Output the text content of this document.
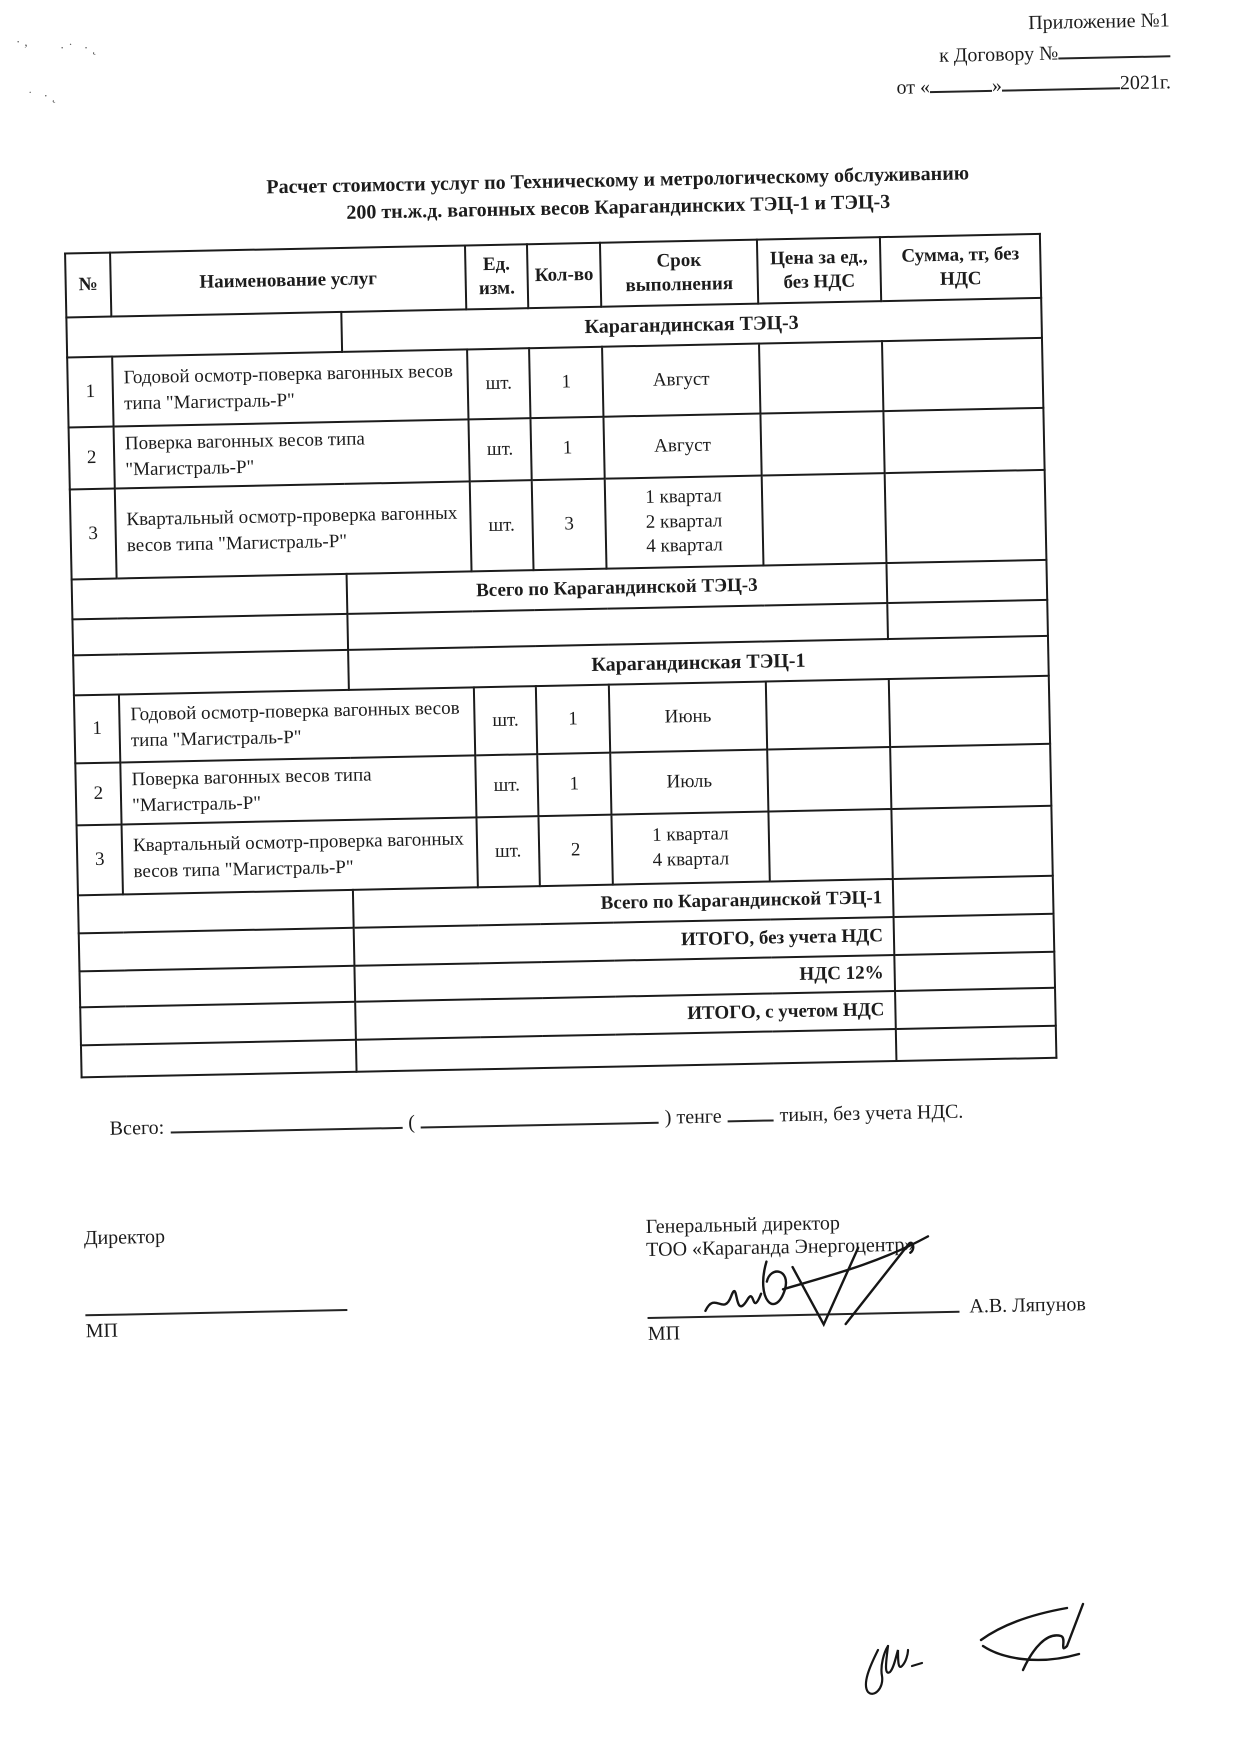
·, ·˙ ·˛
˙ ·˛
Приложение №1
к Договору №
от «	»	2021г.
Расчет стоимости услуг по Техническому и метрологическому обслуживанию
200 тн.ж.д. вагонных весов Карагандинских ТЭЦ-1 и ТЭЦ-3
№	Наименование услуг		Ед. изм.	Кол-во	Срок выполнения	Цена за ед., без НДС	Сумма, тг, без НДС
		Карагандинская ТЭЦ-3					
1	Годовой осмотр-поверка вагонных весов типа "Магистраль-Р"		шт.	1	Август		

2	Поверка вагонных весов типа "Магистраль-Р"		шт.	1	Август		

3	Квартальный осмотр-проверка вагонных весов типа "Магистраль-Р"		шт.	3	1 квартал
2 квартал
4 квартал		

		Всего по Карагандинской ТЭЦ-3					

		Карагандинская ТЭЦ-1					
1	Годовой осмотр-поверка вагонных весов типа "Магистраль-Р"		шт.	1	Июнь		

2	Поверка вагонных весов типа "Магистраль-Р"		шт.	1	Июль		

3	Квартальный осмотр-проверка вагонных весов типа "Магистраль-Р"		шт.	2	1 квартал
4 квартал		

		Всего по Карагандинской ТЭЦ-1					
		ИТОГО, без учета НДС					
		НДС 12%					
		ИТОГО, с учетом НДС					

Всего:	(	) тенге	тиын, без учета НДС.
Директор
МП
Генеральный директор
ТОО «Караганда Энергоцентр»
А.В. Ляпунов
МП
